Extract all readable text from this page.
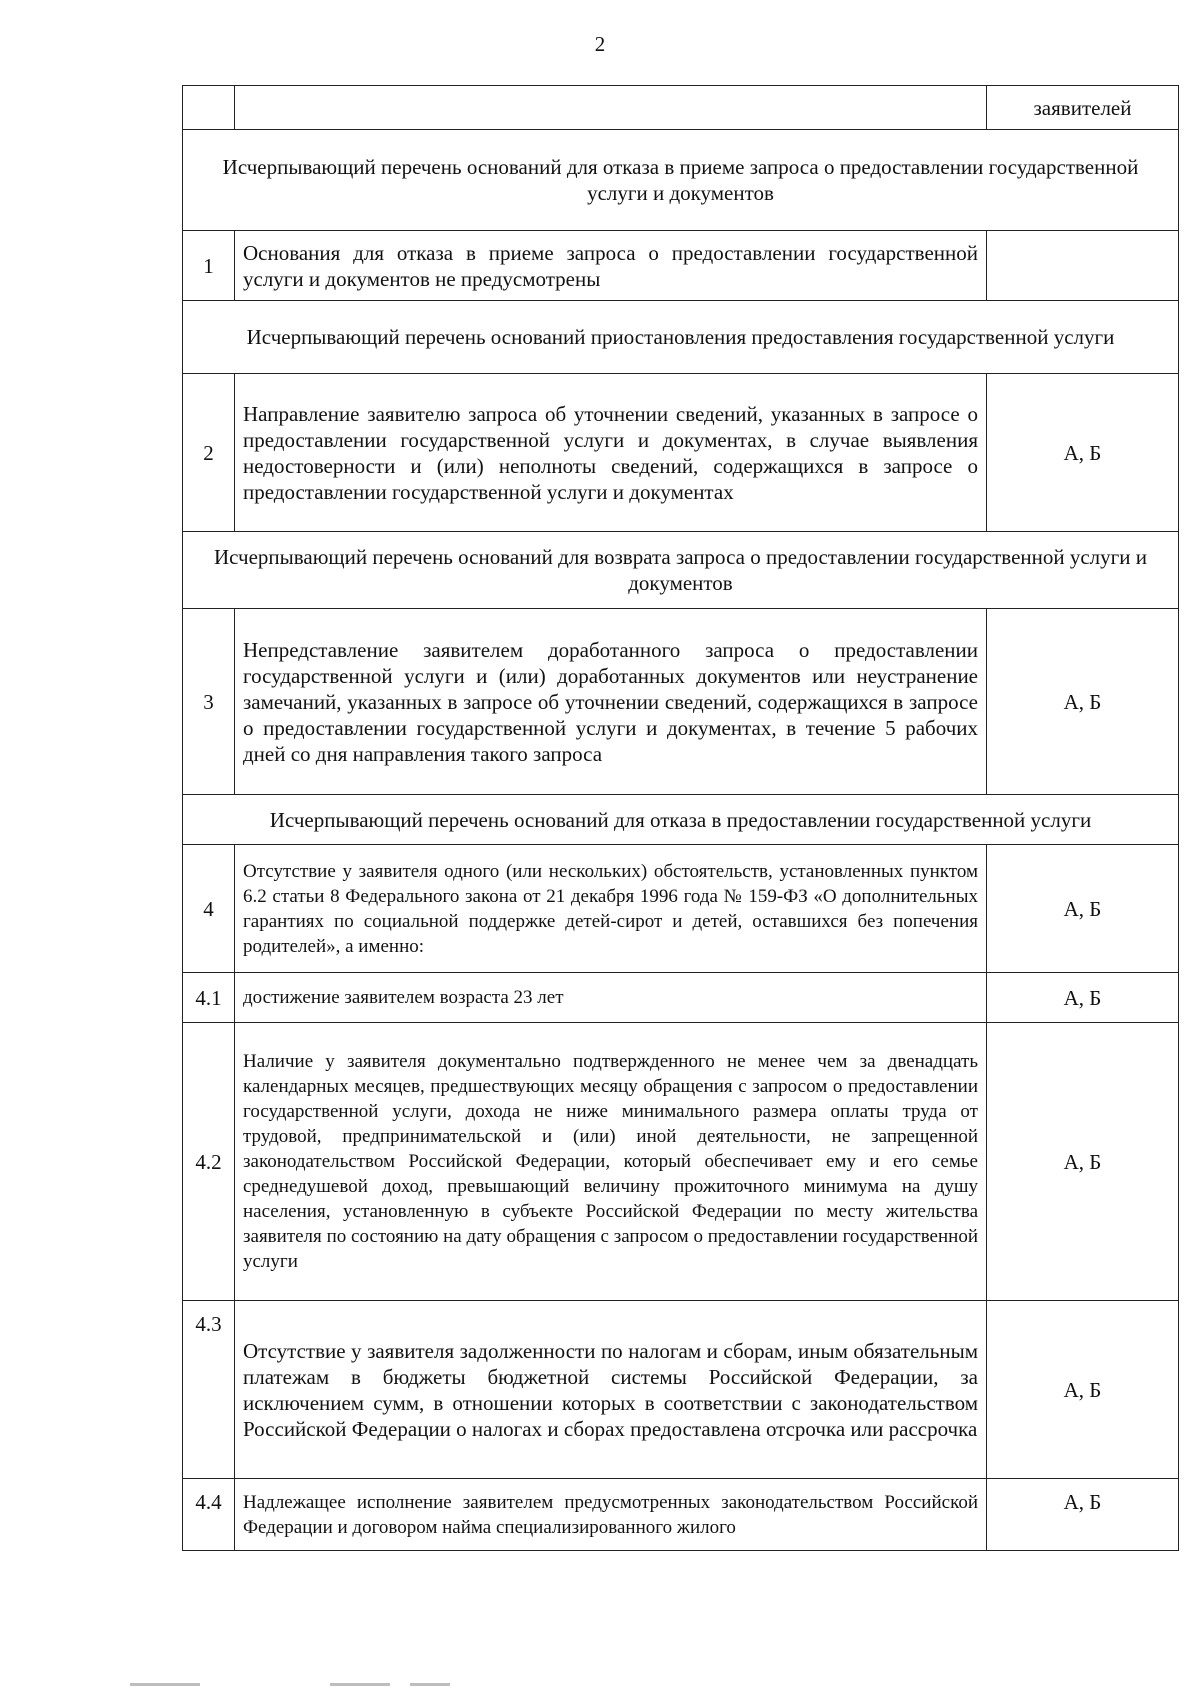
2
		заявителей
Исчерпывающий перечень оснований для отказа в приеме запроса о предоставлении государственной услуги и документов		
1	Основания для отказа в приеме запроса о предоставлении государственной услуги и документов не предусмотрены	
Исчерпывающий перечень оснований приостановления предоставления государственной услуги		
2	Направление заявителю запроса об уточнении сведений, указанных в запросе о предоставлении государственной услуги и документах, в случае выявления недостоверности и (или) неполноты сведений, содержащихся в запросе о предоставлении государственной услуги и документах	А, Б
Исчерпывающий перечень оснований для возврата запроса о предоставлении государственной услуги и документов		
3	Непредставление заявителем доработанного запроса о предоставлении государственной услуги и (или) доработанных документов или неустранение замечаний, указанных в запросе об уточнении сведений, содержащихся в запросе о предоставлении государственной услуги и документах, в течение 5 рабочих дней со дня направления такого запроса	А, Б
Исчерпывающий перечень оснований для отказа в предоставлении государственной услуги		
4	Отсутствие у заявителя одного (или нескольких) обстоятельств, установленных пунктом 6.2 статьи 8 Федерального закона от 21 декабря 1996 года № 159-ФЗ «О дополнительных гарантиях по социальной поддержке детей-сирот и детей, оставшихся без попечения родителей», а именно:	А, Б
4.1	достижение заявителем возраста 23 лет	А, Б
4.2	Наличие у заявителя документально подтвержденного не менее чем за двенадцать календарных месяцев, предшествующих месяцу обращения с запросом о предоставлении государственной услуги, дохода не ниже минимального размера оплаты труда от трудовой, предпринимательской и (или) иной деятельности, не запрещенной законодательством Российской Федерации, который обеспечивает ему и его семье среднедушевой доход, превышающий величину прожиточного минимума на душу населения, установленную в субъекте Российской Федерации по месту жительства заявителя по состоянию на дату обращения с запросом о предоставлении государственной услуги	А, Б
4.3	Отсутствие у заявителя задолженности по налогам и сборам, иным обязательным платежам в бюджеты бюджетной системы Российской Федерации, за исключением сумм, в отношении которых в соответствии с законодательством Российской Федерации о налогах и сборах предоставлена отсрочка или рассрочка	А, Б
4.4	Надлежащее исполнение заявителем предусмотренных законодательством Российской Федерации и договором найма специализированного жилого	А, Б
